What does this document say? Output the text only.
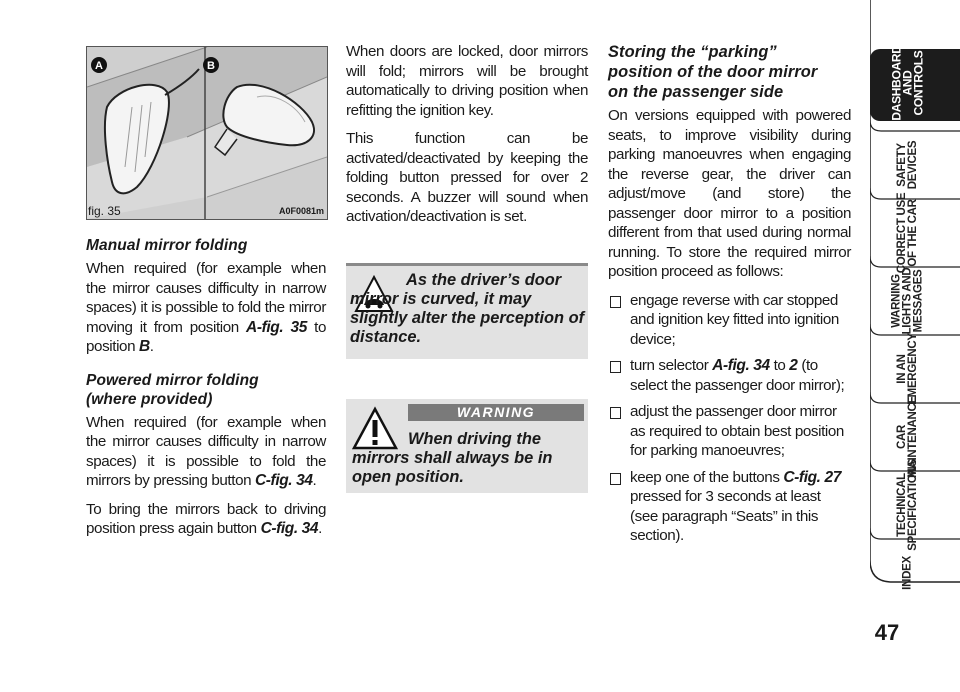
A	B
fig. 35	A0F0081m
Manual mirror folding

When required (for example when the mirror causes difficulty in narrow spaces) it is possible to fold the mirror moving it from position A-fig. 35 to position B.

Powered mirror folding
(where provided)

When required (for example when the mirror causes difficulty in narrow spaces) it is possible to fold the mirrors by pressing button C-fig. 34.

To bring the mirrors back to driving position press again button C-fig. 34.

When doors are locked, door mirrors will fold; mirrors will be brought automatically to driving position when refitting the ignition key.

This function can be activated/deactivated by keeping the folding button pressed for over 2 seconds. A buzzer will sound when activation/deactivation is set.

As the driver’s door mirror is curved, it may slightly alter the perception of distance.
WARNING
When driving the mirrors shall always be in open position.
Storing the “parking”
position of the door mirror
on the passenger side

On versions equipped with powered seats, to improve visibility during parking manoeuvres when engaging the reverse gear, the driver can adjust/move (and store) the passenger door mirror to a position different from that used during normal running. To store the required mirror position proceed as follows:

engage reverse with car stopped and ignition key fitted into ignition device;
turn selector A-fig. 34 to 2 (to select the passenger door mirror);
adjust the passenger door mirror as required to obtain best position for parking manoeuvres;
keep one of the buttons C-fig. 27 pressed for 3 seconds at least (see paragraph “Seats” in this section).
DASHBOARD
AND
CONTROLS
SAFETY
DEVICES
CORRECT USE
OF THE CAR
WARNING
LIGHTS AND
MESSAGES
IN AN
EMERGENCY
CAR
MAINTENANCE
TECHNICAL
SPECIFICATIONS
INDEX
47
